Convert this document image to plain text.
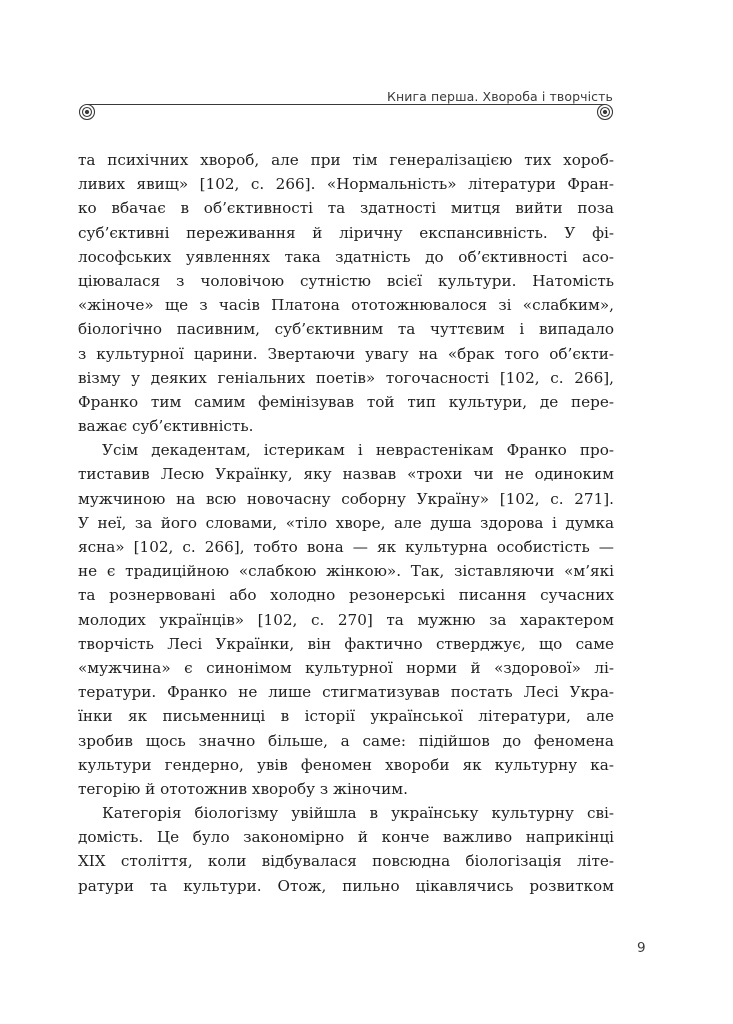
Книга перша. Хвороба і творчість
та психічних хвороб, але при тім генералізацією тих хороб-
ливих явищ» [102, с. 266]. «Нормальність» літератури Фран-
ко вбачає в об’єктивності та здатності митця вийти поза
суб’єктивні переживання й ліричну експансивність. У фі-
лософських уявленнях така здатність до об’єктивності асо-
ціювалася з чоловічою сутністю всієї культури. Натомість
«жіноче» ще з часів Платона ототожнювалося зі «слабким»,
біологічно пасивним, суб’єктивним та чуттєвим і випадало
з культурної царини. Звертаючи увагу на «брак того об’єкти-
візму у деяких геніальних поетів» тогочасності [102, с. 266],
Франко тим самим фемінізував той тип культури, де пере-
важає суб’єктивність.
Усім декадентам, істерикам і неврастенікам Франко про-
тиставив Лесю Українку, яку назвав «трохи чи не одиноким
мужчиною на всю новочасну соборну Україну» [102, с. 271].
У неї, за його словами, «тіло хворе, але душа здорова і думка
ясна» [102, с. 266], тобто вона — як культурна особистість —
не є традиційною «слабкою жінкою». Так, зіставляючи «м’які
та рознервовані або холодно резонерські писання сучасних
молодих українців» [102, с. 270] та мужню за характером
творчість Лесі Українки, він фактично стверджує, що саме
«мужчина» є синонімом культурної норми й «здорової» лі-
тератури. Франко не лише стигматизував постать Лесі Укра-
їнки як письменниці в історії української літератури, але
зробив щось значно більше, а саме: підійшов до феномена
культури гендерно, увів феномен хвороби як культурну ка-
тегорію й ототожнив хворобу з жіночим.
Категорія біологізму увійшла в українську культурну сві-
домість. Це було закономірно й конче важливо наприкінці
XIX століття, коли відбувалася повсюдна біологізація літе-
ратури та культури. Отож, пильно цікавлячись розвитком
9
